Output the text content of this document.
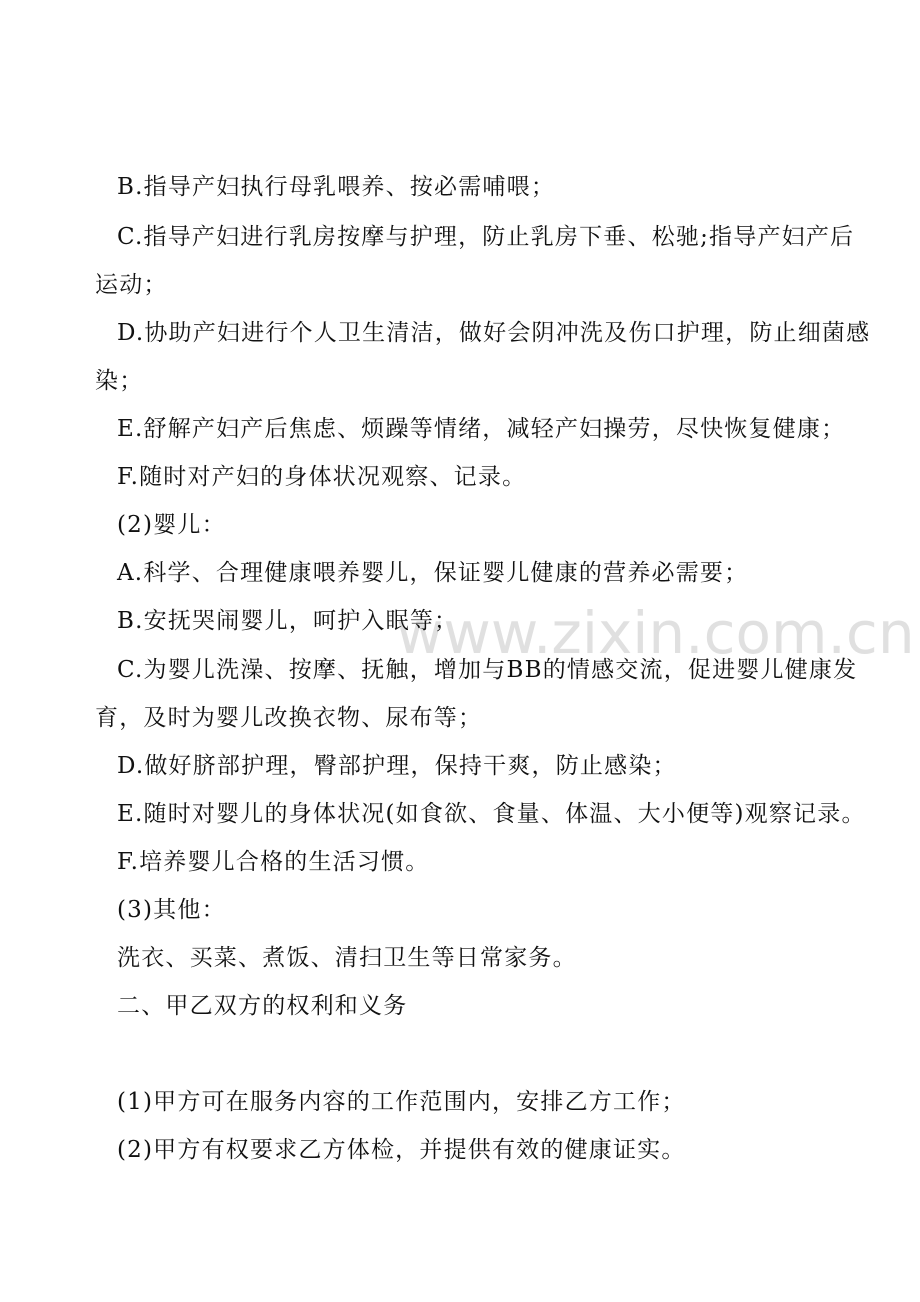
www.zixin.com.cn
B.指导产妇执行母乳喂养、按必需哺喂；
C.指导产妇进行乳房按摩与护理，防止乳房下垂、松驰;指导产妇产后
运动；
D.协助产妇进行个人卫生清洁，做好会阴冲洗及伤口护理，防止细菌感
染；
E.舒解产妇产后焦虑、烦躁等情绪，减轻产妇操劳，尽快恢复健康；
F.随时对产妇的身体状况观察、记录。
(2)婴儿：
A.科学、合理健康喂养婴儿，保证婴儿健康的营养必需要；
B.安抚哭闹婴儿，呵护入眠等；
C.为婴儿洗澡、按摩、抚触，增加与BB的情感交流，促进婴儿健康发
育，及时为婴儿改换衣物、尿布等；
D.做好脐部护理，臀部护理，保持干爽，防止感染；
E.随时对婴儿的身体状况(如食欲、食量、体温、大小便等)观察记录。
F.培养婴儿合格的生活习惯。
(3)其他：
洗衣、买菜、煮饭、清扫卫生等日常家务。
二、甲乙双方的权利和义务
(1)甲方可在服务内容的工作范围内，安排乙方工作；
(2)甲方有权要求乙方体检，并提供有效的健康证实。
